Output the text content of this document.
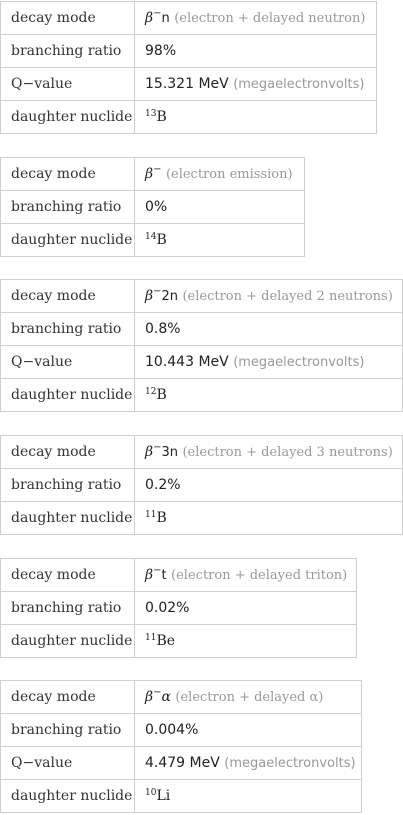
decay mode	β−n (electron + delayed neutron)
branching ratio	98%
Q−value	15.321 MeV (megaelectronvolts)
daughter nuclide	$^{13}$B
decay mode	β− (electron emission)
branching ratio	0%
daughter nuclide	$^{14}$B
decay mode	β−2n (electron + delayed 2 neutrons)
branching ratio	0.8%
Q−value	10.443 MeV (megaelectronvolts)
daughter nuclide	$^{12}$B
decay mode	β−3n (electron + delayed 3 neutrons)
branching ratio	0.2%
daughter nuclide	$^{11}$B
decay mode	β−t (electron + delayed triton)
branching ratio	0.02%
daughter nuclide	$^{11}$Be
decay mode	β−α (electron + delayed α)
branching ratio	0.004%
Q−value	4.479 MeV (megaelectronvolts)
daughter nuclide	$^{10}$Li
